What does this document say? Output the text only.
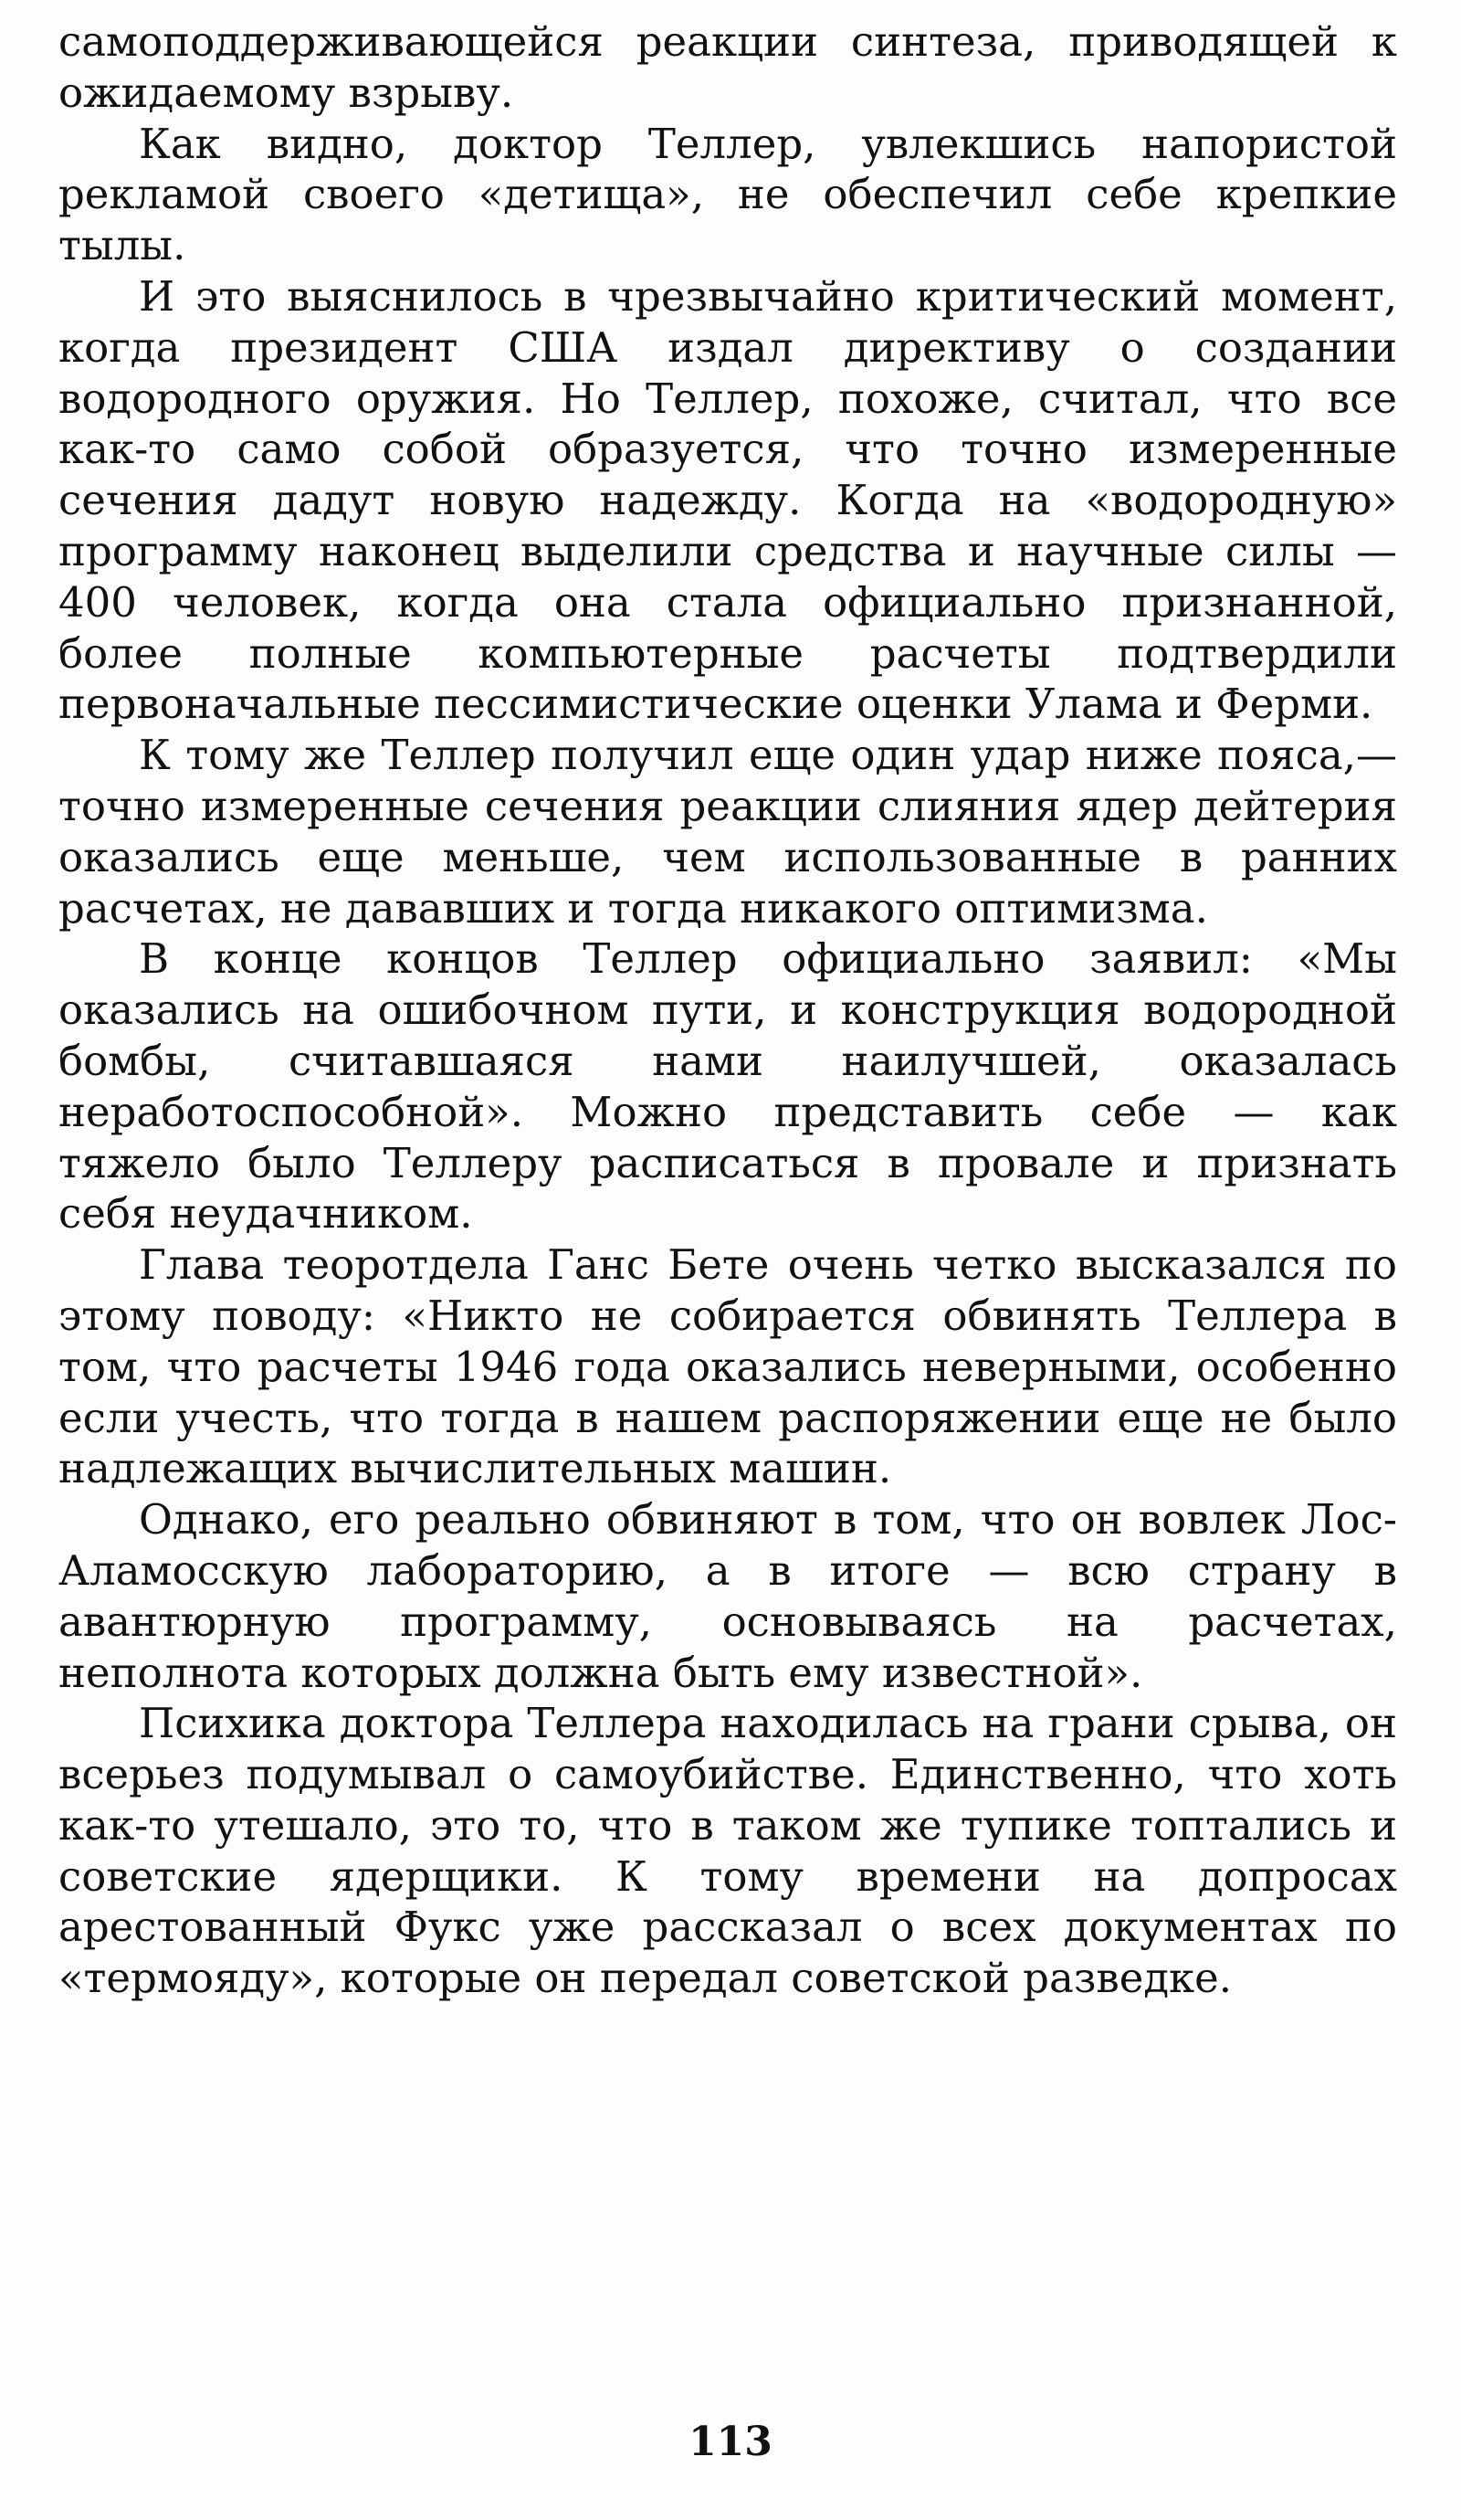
самоподдерживающейся реакции синтеза, приводящей к ожидаемому взрыву.

Как видно, доктор Теллер, увлекшись напористой рекламой своего «детища», не обеспечил себе крепкие тылы.

И это выяснилось в чрезвычайно критический момент, когда президент США издал директиву о создании водородного оружия. Но Теллер, похоже, считал, что все как-то само собой образуется, что точно измеренные сечения дадут новую надежду. Когда на «водородную» программу наконец выделили средства и научные силы — 400 человек, когда она стала официально признанной, более полные компьютерные расчеты подтвердили первоначальные пессимистические оценки Улама и Ферми.

К тому же Теллер получил еще один удар ниже пояса,— точно измеренные сечения реакции слияния ядер дейтерия оказались еще меньше, чем использованные в ранних расчетах, не дававших и тогда никакого оптимизма.

В конце концов Теллер официально заявил: «Мы оказались на ошибочном пути, и конструкция водородной бомбы, считавшаяся нами наилучшей, оказалась неработоспособной». Можно представить себе — как тяжело было Теллеру расписаться в провале и признать себя неудачником.

Глава теоротдела Ганс Бете очень четко высказался по этому поводу: «Никто не собирается обвинять Теллера в том, что расчеты 1946 года оказались неверными, особенно если учесть, что тогда в нашем распоряжении еще не было надлежащих вычислительных машин.

Однако, его реально обвиняют в том, что он вовлек Лос-Аламосскую лабораторию, а в итоге — всю страну в авантюрную программу, основываясь на расчетах, неполнота которых должна быть ему известной».

Психика доктора Теллера находилась на грани срыва, он всерьез подумывал о самоубийстве. Единственно, что хоть как-то утешало, это то, что в таком же тупике топтались и советские ядерщики. К тому времени на допросах арестованный Фукс уже рассказал о всех документах по «термояду», которые он передал советской разведке.

113
